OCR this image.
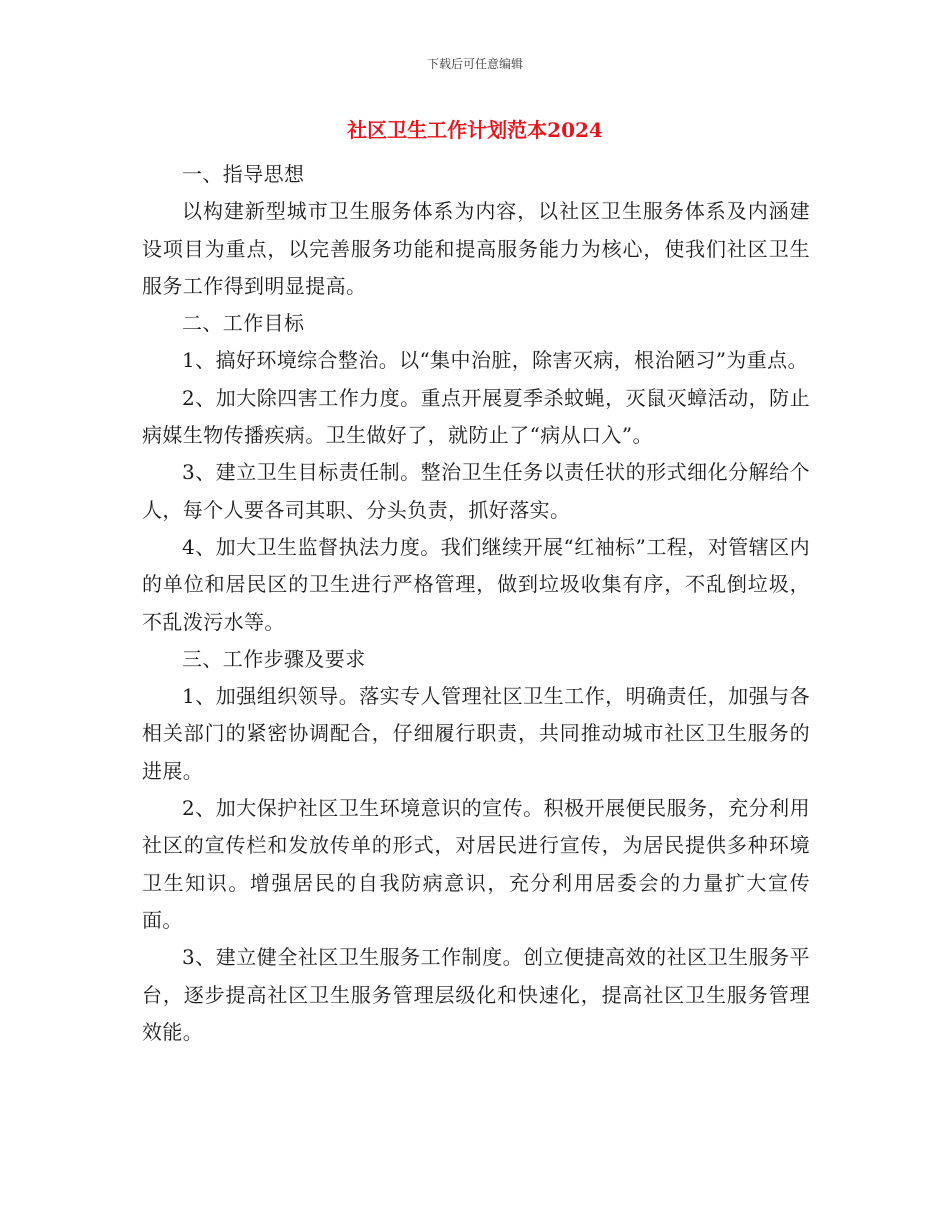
下载后可任意编辑
社区卫生工作计划范本2024

一、指导思想

以构建新型城市卫生服务体系为内容，以社区卫生服务体系及内涵建设项目为重点，以完善服务功能和提高服务能力为核心，使我们社区卫生服务工作得到明显提高。

二、工作目标

1、搞好环境综合整治。以“集中治脏，除害灭病，根治陋习”为重点。

2、加大除四害工作力度。重点开展夏季杀蚊蝇，灭鼠灭蟑活动，防止病媒生物传播疾病。卫生做好了，就防止了“病从口入”。

3、建立卫生目标责任制。整治卫生任务以责任状的形式细化分解给个人，每个人要各司其职、分头负责，抓好落实。

4、加大卫生监督执法力度。我们继续开展“红袖标”工程，对管辖区内的单位和居民区的卫生进行严格管理，做到垃圾收集有序，不乱倒垃圾，不乱泼污水等。

三、工作步骤及要求

1、加强组织领导。落实专人管理社区卫生工作，明确责任，加强与各相关部门的紧密协调配合，仔细履行职责，共同推动城市社区卫生服务的进展。

2、加大保护社区卫生环境意识的宣传。积极开展便民服务，充分利用社区的宣传栏和发放传单的形式，对居民进行宣传，为居民提供多种环境卫生知识。增强居民的自我防病意识，充分利用居委会的力量扩大宣传面。

3、建立健全社区卫生服务工作制度。创立便捷高效的社区卫生服务平台，逐步提高社区卫生服务管理层级化和快速化，提高社区卫生服务管理效能。
